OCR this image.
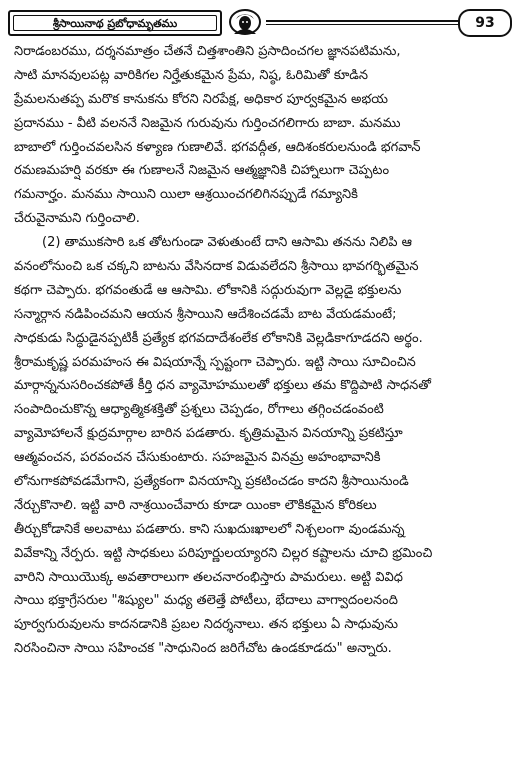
శ్రీసాయినాథ ప్రబోధామృతము	93
నిరాడంబరము, దర్శనమాత్రం చేతనే చిత్తశాంతిని ప్రసాదించగల జ్ఞానపటిమను,
సాటి మానవులపట్ల వారికిగల నిర్హేతుకమైన ప్రేమ, నిష్ఠ, ఓరిమితో కూడిన
ప్రేమలనుతప్ప మరొక కానుకను కోరని నిరపేక్ష, అధికార పూర్వకమైన అభయ
ప్రదానము - వీటి వలననే నిజమైన గురువును గుర్తించగలిగారు బాబా. మనము
బాబాలో గుర్తించవలసిన కళ్యాణ గుణాలివే. భగవద్గీత, ఆదిశంకరులనుండి భగవాన్
రమణమహర్షి వరకూ ఈ గుణాలనే నిజమైన ఆత్మజ్ఞానికి చిహ్నాలుగా చెప్పటం
గమనార్హం. మనము సాయిని యిలా ఆశ్రయించగలిగినప్పుడే గమ్యానికి
చేరువైనామని గుర్తించాలి.
(2) తాముకసారి ఒక తోటగుండా వెళుతుంటే దాని ఆసామి తనను నిలిపి ఆ
వనంలోనుంచి ఒక చక్కని బాటను వేసినదాక విడువలేదని శ్రీసాయి భావగర్భితమైన
కథగా చెప్పారు. భగవంతుడే ఆ ఆసామి. లోకానికి సద్గురువుగా వెల్లడై భక్తులను
సన్మార్గాన నడిపించమని ఆయన శ్రీసాయిని ఆదేశించడమే బాట వేయడమంటే;
సాధకుడు సిద్ధుడైనప్పటికీ ప్రత్యేక భగవదాదేశంలేక లోకానికి వెల్లడికాగూడదని అర్థం.
శ్రీరామకృష్ణ పరమహంస ఈ విషయాన్నే స్పష్టంగా చెప్పారు. ఇట్టి సాయి సూచించిన
మార్గాన్ననుసరించకపోతే కీర్తి ధన వ్యామోహములతో భక్తులు తమ కొద్దిపాటి సాధనతో
సంపాదించుకొన్న ఆధ్యాత్మికశక్తితో ప్రశ్నలు చెప్పడం, రోగాలు తగ్గించడంవంటి
వ్యామోహాలనే క్షుద్రమార్గాల బారిన పడతారు. కృత్రిమమైన వినయాన్ని ప్రకటిస్తూ
ఆత్మవంచన, పరవంచన చేసుకుంటారు. సహజమైన వినమ్ర అహంభావానికి
లోనుగాకపోవడమేగాని, ప్రత్యేకంగా వినయాన్ని ప్రకటించడం కాదని శ్రీసాయినుండి
నేర్చుకొనాలి. ఇట్టి వారి నాశ్రయించేవారు కూడా యింకా లౌకికమైన కోరికలు
తీర్చుకోడానికే అలవాటు పడతారు. కాని సుఖదుఃఖాలలో నిశ్చలంగా వుండమన్న
వివేకాన్ని నేర్పరు. ఇట్టి సాధకులు పరిపూర్ణులయ్యారని చిల్లర కష్టాలను చూచి భ్రమించి
వారిని సాయియొక్క అవతారాలుగా తలచనారంభిస్తారు పామరులు. అట్టి వివిధ
సాయి భక్తాగ్రేసరుల "శిష్యుల" మధ్య తలెత్తే పోటీలు, భేదాలు వాగ్వాదంలనంది
పూర్వగురువులను కాదనడానికి ప్రబల నిదర్శనాలు. తన భక్తులు ఏ సాధువును
నిరసించినా సాయి సహించక "సాధునింద జరిగేచోట ఉండకూడదు" అన్నారు.
